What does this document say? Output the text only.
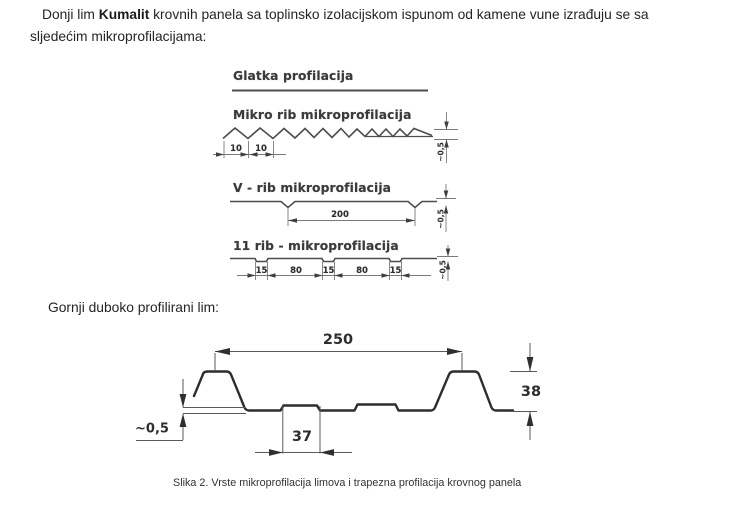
Donji lim Kumalit krovnih panela sa toplinsko izolacijskom ispunom od kamene vune izrađuju se sa
sljedećim mikroprofilacijama:
Glatka profilacija
Mikro rib mikroprofilacija
V - rib mikroprofilacija
11 rib - mikroprofilacija
10 10	~0,5
200	~0,5
15	80 15	80	15	~0,5
Gornji duboko profilirani lim:
250
38
~0,5	37
Slika 2. Vrste mikroprofilacija limova i trapezna profilacija krovnog panela
